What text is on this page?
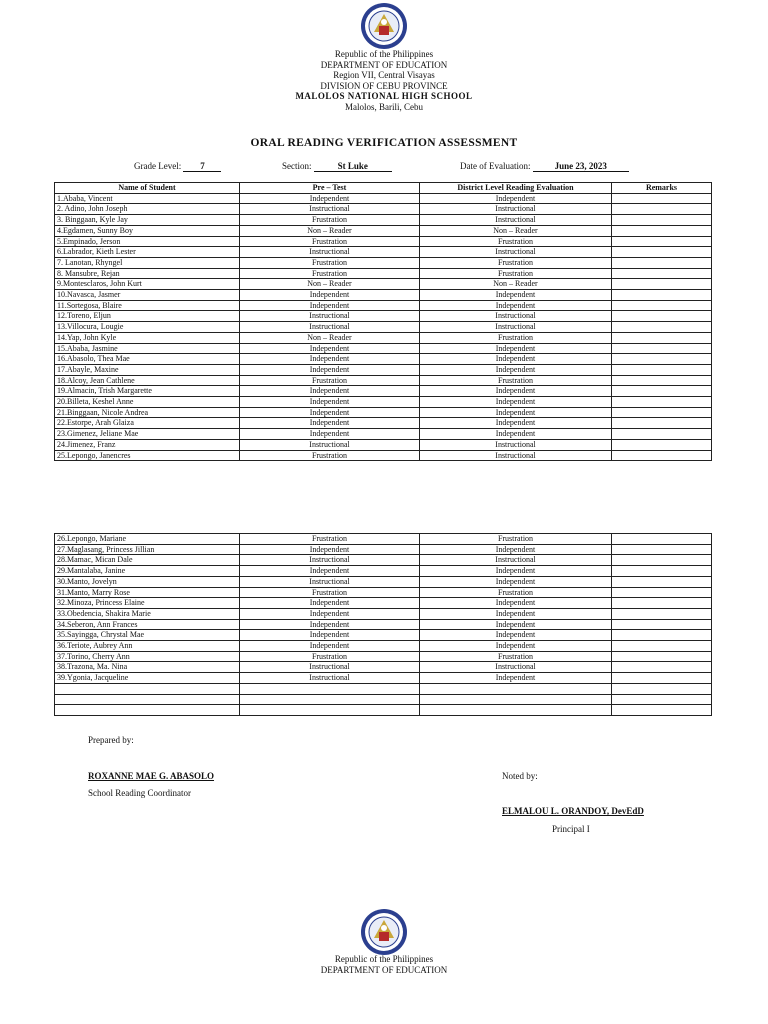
Republic of the Philippines
DEPARTMENT OF EDUCATION
Region VII, Central Visayas
DIVISION OF CEBU PROVINCE
MALOLOS NATIONAL HIGH SCHOOL
Malolos, Barili, Cebu
ORAL READING VERIFICATION ASSESSMENT
Grade Level: 7	Section:	St Luke	Date of Evaluation:	June 23, 2023
Name of Student	Pre – Test	District Level Reading Evaluation	Remarks
1.Ababa, Vincent	Independent	Independent	
2. Adino, John Joseph	Instructional	Instructional	
3. Binggaan, Kyle Jay	Frustration	Instructional	
4.Egdamen, Sunny Boy	Non – Reader	Non – Reader	
5.Empinado, Jerson	Frustration	Frustration	
6.Labrador, Kieth Lester	Instructional	Instructional	
7. Lanotan, Rhyngel	Frustration	Frustration	
8. Mansubre, Rejan	Frustration	Frustration	
9.Montesclaros, John Kurt	Non – Reader	Non – Reader	
10.Navasca, Jasmer	Independent	Independent	
11.Sortegosa, Blaire	Independent	Independent	
12.Toreno, Eljun	Instructional	Instructional	
13.Villocura, Lougie	Instructional	Instructional	
14.Yap, John Kyle	Non – Reader	Frustration	
15.Ababa, Jasmine	Independent	Independent	
16.Abasolo, Thea Mae	Independent	Independent	
17.Abayle, Maxine	Independent	Independent	
18.Alcoy, Jean Cathlene	Frustration	Frustration	
19.Almacin, Trish Margarette	Independent	Independent	
20.Billeta, Keshel Anne	Independent	Independent	
21.Binggaan, Nicole Andrea	Independent	Independent	
22.Estorpe, Arah Glaiza	Independent	Independent	
23.Gimenez, Jeliane Mae	Independent	Independent	
24.Jimenez, Franz	Instructional	Instructional	
25.Lepongo, Janencres	Frustration	Instructional	
26.Lepongo, Mariane	Frustration	Frustration	
27.Maglasang, Princess Jillian	Independent	Independent	
28.Mamac, Mican Dale	Instructional	Instructional	
29.Mantalaba, Janine	Independent	Independent	
30.Manto, Jovelyn	Instructional	Independent	
31.Manto, Marry Rose	Frustration	Frustration	
32.Minoza, Princess Elaine	Independent	Independent	
33.Obedencia, Shakira Marie	Independent	Independent	
34.Seberon, Ann Frances	Independent	Independent	
35.Sayingga, Chrystal Mae	Independent	Independent	
36.Teriote, Aubrey Ann	Independent	Independent	
37.Torino, Cherry Ann	Frustration	Frustration	
38.Trazona, Ma. Nina	Instructional	Instructional	
39.Ygonia, Jacqueline	Instructional	Independent	

Prepared by:
ROXANNE MAE G. ABASOLO
School Reading Coordinator
Noted by:
ELMALOU L. ORANDOY, DevEdD
Principal I
Republic of the Philippines
DEPARTMENT OF EDUCATION
